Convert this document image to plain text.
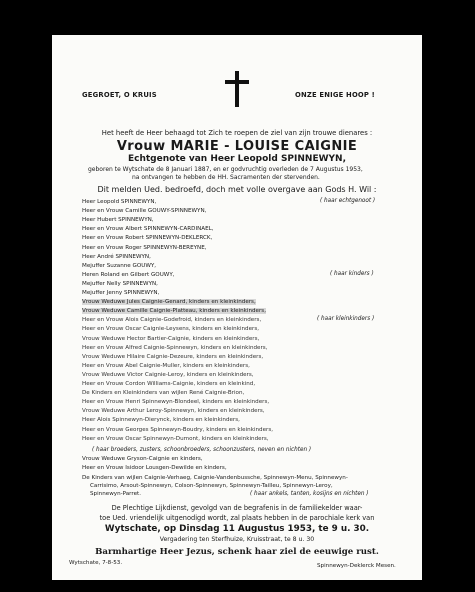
GEGROET, O KRUIS	ONZE ENIGE HOOP !
Het heeft de Heer behaagd tot Zich te roepen de ziel van zijn trouwe dienares :
Vrouw MARIE - LOUISE CAIGNIE
Echtgenote van Heer Leopold SPINNEWYN,
geboren te Wytschate de 8 Januari 1887, en er godvruchtig overleden de 7 Augustus 1953,
na ontvangen te hebben de HH. Sacramenten der stervenden.
Dit melden Ued. bedroefd, doch met volle overgave aan Gods H. Wil :
Heer Leopold SPINNEWYN,
Heer en Vrouw Camille GOUWY-SPINNEWYN,
Heer Hubert SPINNEWYN,
Heer en Vrouw Albert SPINNEWYN-CARDINAEL,
Heer en Vrouw Robert SPINNEWYN-DEKLERCK,
Heer en Vrouw Roger SPINNEWYN-BEREYNE,
Heer André SPINNEWYN,
Mejuffer Suzanne GOUWY,
Heren Roland en Gilbert GOUWY,
Mejuffer Nelly SPINNEWYN,
Mejuffer Jenny SPINNEWYN,
Vrouw Weduwe Jules Caignie-Genard, kinders en kleinkinders,
Vrouw Weduwe Camille Caignie-Platteau, kinders en kleinkinders,
Heer en Vrouw Alois Caignie-Godefroid, kinders en kleinkinders,
Heer en Vrouw Oscar Caignie-Leysens, kinders en kleinkinders,
Vrouw Weduwe Hector Bartier-Caignie, kinders en kleinkinders,
Heer en Vrouw Alfred Caignie-Spinnewyn, kinders en kleinkinders,
Vrouw Weduwe Hilaire Caignie-Dezeure, kinders en kleinkinders,
Heer en Vrouw Abel Caignie-Muller, kinders en kleinkinders,
Vrouw Weduwe Victor Caignie-Leroy, kinders en kleinkinders,
Heer en Vrouw Cordon Williams-Caignie, kinders en kleinkind,
De Kinders en Kleinkinders van wijlen René Caignie-Brion,
Heer en Vrouw Henri Spinnewyn-Blondeel, kinders en kleinkinders,
Vrouw Weduwe Arthur Leroy-Spinnewyn, kinders en kleinkinders,
Heer Alois Spinnewyn-Dierynck, kinders en kleinkinders,
Heer en Vrouw Georges Spinnewyn-Boudry, kinders en kleinkinders,
Heer en Vrouw Oscar Spinnewyn-Dumont, kinders en kleinkinders,
( haar echtgenoot )
( haar kinders )
( haar kleinkinders )
( haar broeders, zusters, schoonbroeders, schoonzusters, neven en nichten )
Vrouw Weduwe Gryson-Caignie en kinders,
Heer en Vrouw Isidoor Lousgen-Dewilde en kinders,
De Kinders van wijlen Caignie-Verhaeg, Caignie-Vandenbussche, Spinnewyn-Menu, Spinnewyn-
Carrisimo, Arsout-Spinnewyn, Colson-Spinnewyn, Spinnewyn-Tailleu, Spinnewyn-Leroy,
Spinnewyn-Parret.	( haar ankels, tanten, kosijns en nichten )
De Plechtige Lijkdienst, gevolgd van de begrafenis in de familiekelder waar-
toe Ued. vriendelijk uitgenodigd wordt, zal plaats hebben in de parochiale kerk van
Wytschate, op Dinsdag 11 Augustus 1953, te 9 u. 30.
Vergadering ten Sterfhuize, Kruisstraat, te 8 u. 30
Barmhartige Heer Jezus, schenk haar ziel de eeuwige rust.
Wytschate, 7-8-53.	Spinnewyn-Deklerck Mesen.
